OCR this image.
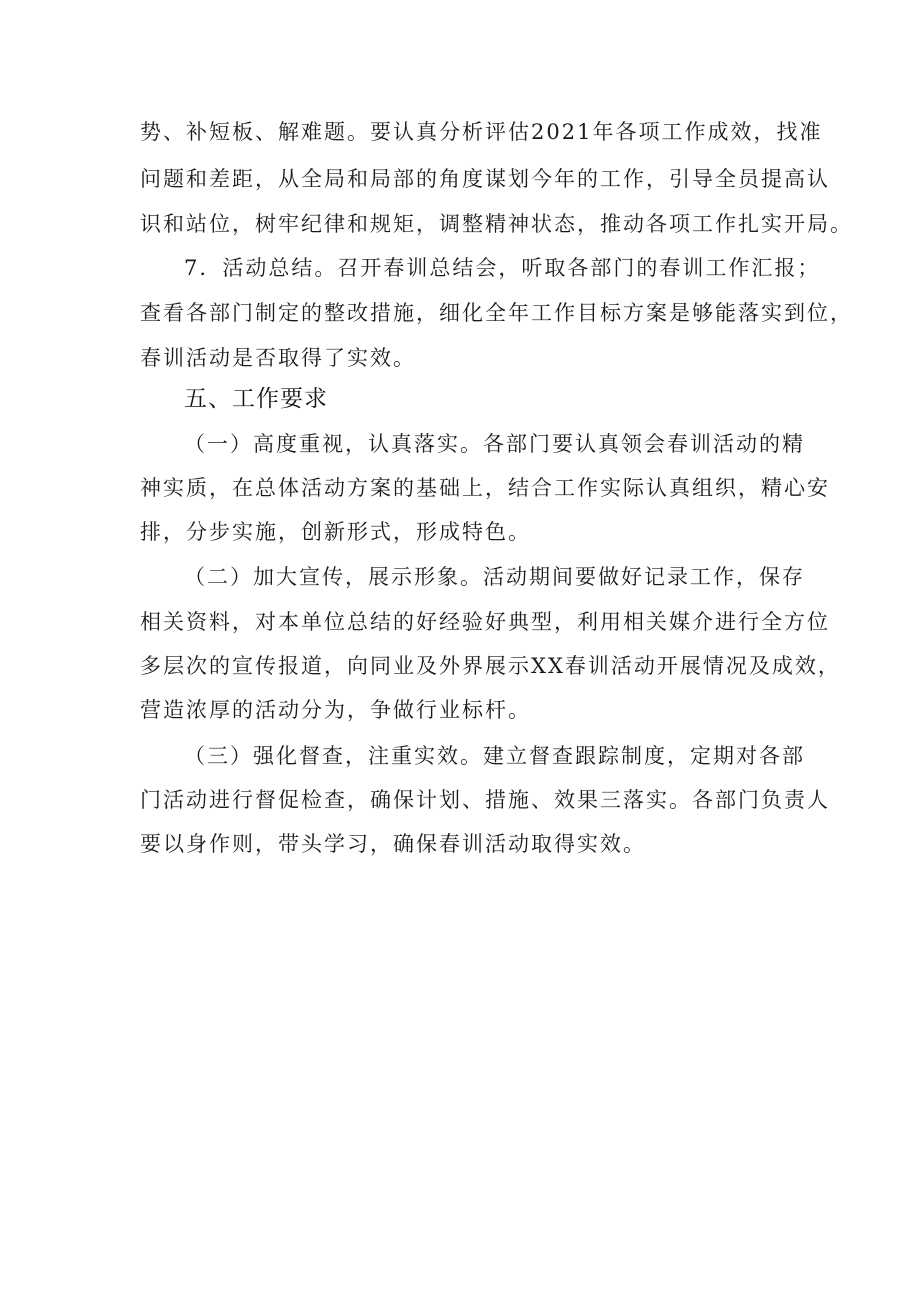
势、补短板、解难题。要认真分析评估2021年各项工作成效，找准
问题和差距，从全局和局部的角度谋划今年的工作，引导全员提高认
识和站位，树牢纪律和规矩，调整精神状态，推动各项工作扎实开局。
7．活动总结。召开春训总结会，听取各部门的春训工作汇报；
查看各部门制定的整改措施，细化全年工作目标方案是够能落实到位，
春训活动是否取得了实效。
五、工作要求
（一）高度重视，认真落实。各部门要认真领会春训活动的精
神实质，在总体活动方案的基础上，结合工作实际认真组织，精心安
排，分步实施，创新形式，形成特色。
（二）加大宣传，展示形象。活动期间要做好记录工作，保存
相关资料，对本单位总结的好经验好典型，利用相关媒介进行全方位
多层次的宣传报道，向同业及外界展示XX春训活动开展情况及成效，
营造浓厚的活动分为，争做行业标杆。
（三）强化督查，注重实效。建立督查跟踪制度，定期对各部
门活动进行督促检查，确保计划、措施、效果三落实。各部门负责人
要以身作则，带头学习，确保春训活动取得实效。
